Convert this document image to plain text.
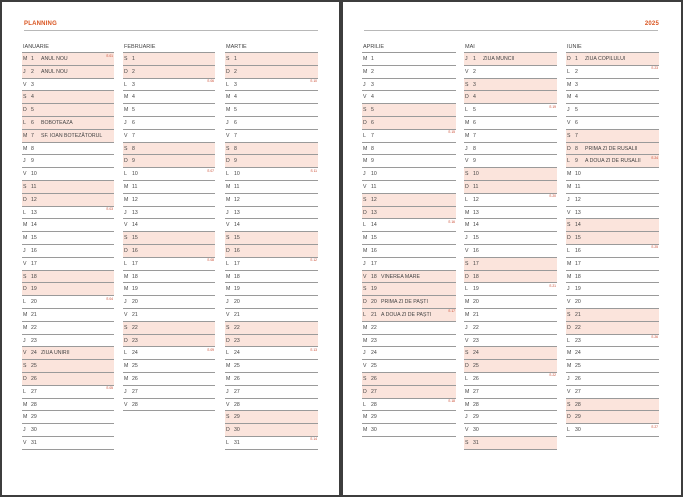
PLANNING
IANUARIE
M 1 ANUL NOU
S 01
J 2 ANUL NOU
V 3
S 4
D 5
L 6 BOBOTEAZA
M 7 SF. IOAN BOTEZĂTORUL
M 8
J 9
V 10
S 11
D 12
L 13
S 03
M 14
M 15
J 16
V 17
S 18
D 19
L 20
S 04
M 21
M 22
J 23
V 24 ZIUA UNIRII
S 25
D 26
L 27
S 05
M 28
M 29
J 30
V 31
FEBRUARIE
S 1
D 2
L 3
S 06
M 4
M 5
J 6
V 7
S 8
D 9
L 10
S 07
M 11
M 12
J 13
V 14
S 15
D 16
L 17
S 08
M 18
M 19
J 20
V 21
S 22
D 23
L 24
S 09
M 25
M 26
J 27
V 28
MARTIE
S 1
D 2
L 3
S 10
M 4
M 5
J 6
V 7
S 8
D 9
L 10
S 11
M 11
M 12
J 13
V 14
S 15
D 16
L 17
S 12
M 18
M 19
J 20
V 21
S 22
D 23
L 24
S 13
M 25
M 26
J 27
V 28
S 29
D 30
L 31
S 14
2025
APRILIE
M 1
M 2
J 3
V 4
S 5
D 6
L 7
S 15
M 8
M 9
J 10
V 11
S 12
D 13
L 14
S 16
M 15
M 16
J 17
V 18 VINEREA MARE
S 19
D 20 PRIMA ZI DE PAȘTI
L 21 A DOUA ZI DE PAȘTI
S 17
M 22
M 23
J 24
V 25
S 26
D 27
L 28
S 18
M 29
M 30
MAI
J 1 ZIUA MUNCII
V 2
S 3
D 4
L 5
S 19
M 6
M 7
J 8
V 9
S 10
D 11
L 12
S 20
M 13
M 14
J 15
V 16
S 17
D 18
L 19
S 21
M 20
M 21
J 22
V 23
S 24
D 25
L 26
S 22
M 27
M 28
J 29
V 30
S 31
IUNIE
D 1 ZIUA COPILULUI
L 2
S 23
M 3
M 4
J 5
V 6
S 7
D 8 PRIMA ZI DE RUSALII
L 9 A DOUA ZI DE RUSALII
S 24
M 10
M 11
J 12
V 13
S 14
D 15
L 16
S 25
M 17
M 18
J 19
V 20
S 21
D 22
L 23
S 26
M 24
M 25
J 26
V 27
S 28
D 29
L 30
S 27
